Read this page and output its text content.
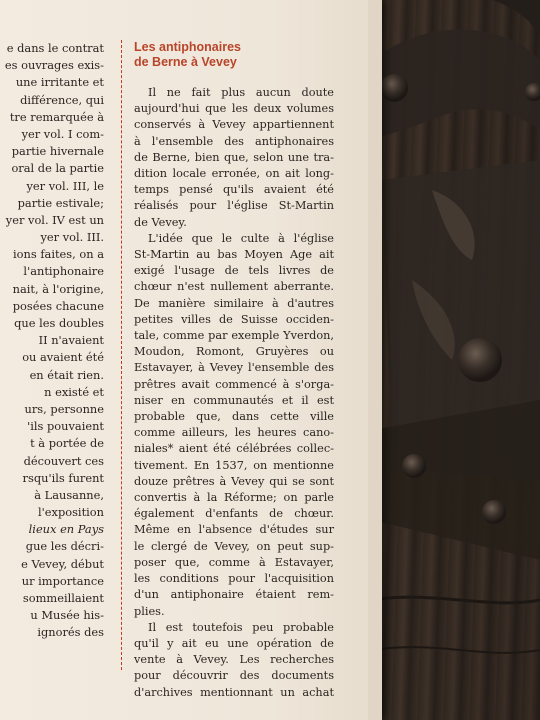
e dans le contrat
es ouvrages exis-
une irritante et
différence, qui
tre remarquée à
yer vol. I com-
partie hivernale
oral de la partie
yer vol. III, le
partie estivale;
yer vol. IV est un
yer vol. III.
ions faites, on a
l'antiphonaire
nait, à l'origine,
posées chacune
que les doubles
II n'avaient
ou avaient été
en était rien.
n existé et
urs, personne
'ils pouvaient
t à portée de
découvert ces
rsqu'ils furent
à Lausanne,
l'exposition
lieux en Pays
gue les décri-
e Vevey, début
ur importance
sommeillaient
u Musée his-
ignorés des
Les antiphonaires
de Berne à Vevey

Il ne fait plus aucun doute
aujourd'hui que les deux volumes
conservés à Vevey appartiennent
à l'ensemble des antiphonaires
de Berne, bien que, selon une tra-
dition locale erronée, on ait long-
temps pensé qu'ils avaient été
réalisés pour l'église St-Martin
de Vevey.

L'idée que le culte à l'église
St-Martin au bas Moyen Age ait
exigé l'usage de tels livres de
chœur n'est nullement aberrante.
De manière similaire à d'autres
petites villes de Suisse occiden-
tale, comme par exemple Yverdon,
Moudon, Romont, Gruyères ou
Estavayer, à Vevey l'ensemble des
prêtres avait commencé à s'orga-
niser en communautés et il est
probable que, dans cette ville
comme ailleurs, les heures cano-
niales* aient été célébrées collec-
tivement. En 1537, on mentionne
douze prêtres à Vevey qui se sont
convertis à la Réforme; on parle
également d'enfants de chœur.
Même en l'absence d'études sur
le clergé de Vevey, on peut sup-
poser que, comme à Estavayer,
les conditions pour l'acquisition
d'un antiphonaire étaient rem-
plies.

Il est toutefois peu probable
qu'il y ait eu une opération de
vente à Vevey. Les recherches
pour découvrir des documents
d'archives mentionnant un achat
